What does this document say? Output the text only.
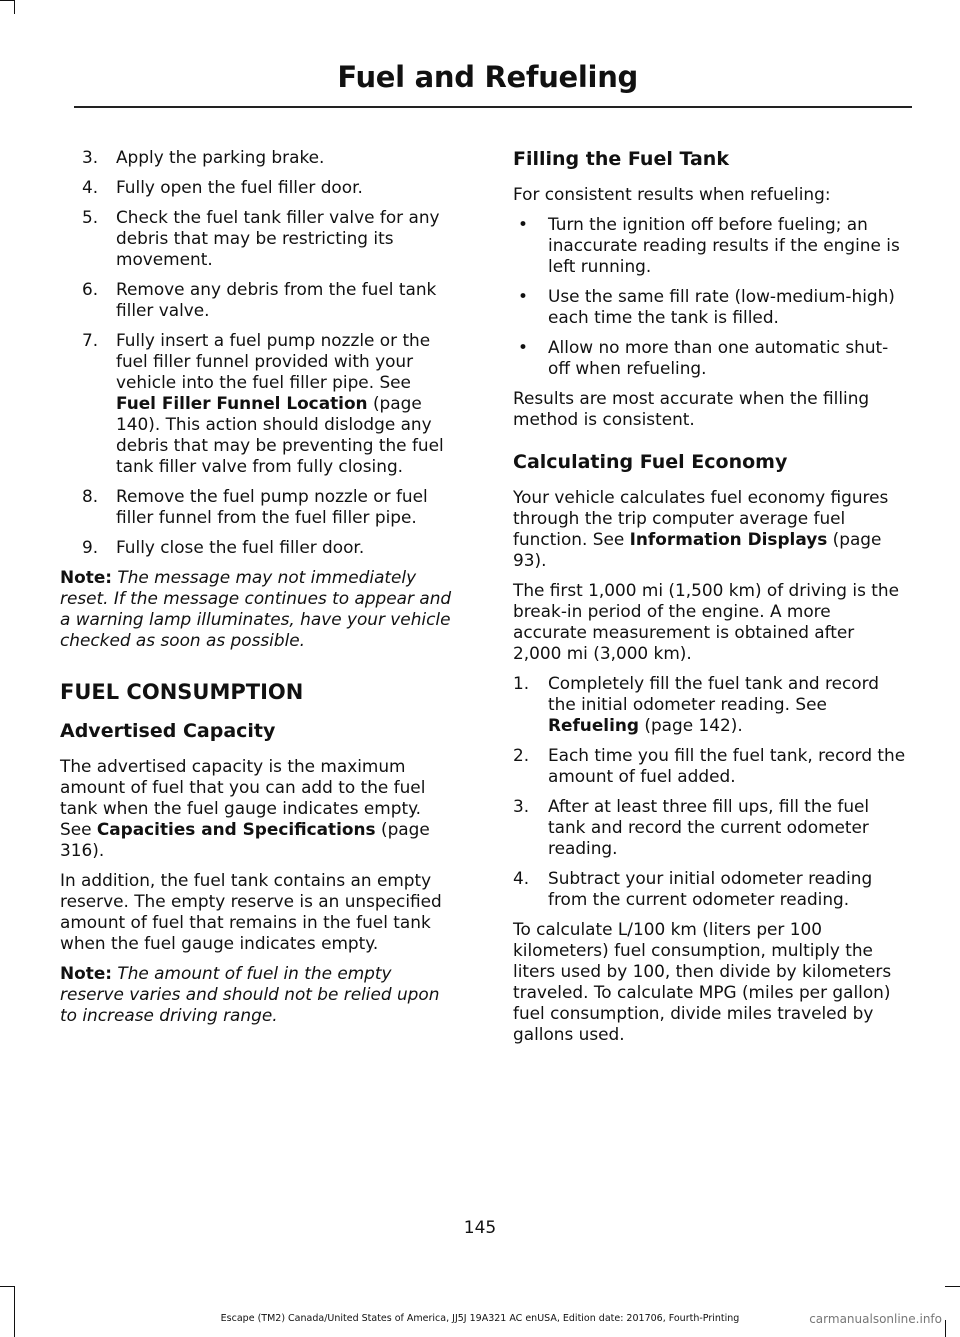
Fuel and Refueling
3. Apply the parking brake.
4. Fully open the fuel filler door.
5. Check the fuel tank filler valve for any debris that may be restricting its movement.
6. Remove any debris from the fuel tank filler valve.
7. Fully insert a fuel pump nozzle or the fuel filler funnel provided with your vehicle into the fuel filler pipe. See Fuel Filler Funnel Location (page 140). This action should dislodge any debris that may be preventing the fuel tank filler valve from fully closing.
8. Remove the fuel pump nozzle or fuel filler funnel from the fuel filler pipe.
9. Fully close the fuel filler door.

Note: The message may not immediately reset. If the message continues to appear and a warning lamp illuminates, have your vehicle checked as soon as possible.

FUEL CONSUMPTION
Advertised Capacity

The advertised capacity is the maximum amount of fuel that you can add to the fuel tank when the fuel gauge indicates empty. See Capacities and Specifications (page 316).

In addition, the fuel tank contains an empty reserve. The empty reserve is an unspecified amount of fuel that remains in the fuel tank when the fuel gauge indicates empty.

Note: The amount of fuel in the empty reserve varies and should not be relied upon to increase driving range.

Filling the Fuel Tank

For consistent results when refueling:

• Turn the ignition off before fueling; an inaccurate reading results if the engine is left running.
• Use the same fill rate (low-medium-high) each time the tank is filled.
• Allow no more than one automatic shut-off when refueling.

Results are most accurate when the filling method is consistent.

Calculating Fuel Economy

Your vehicle calculates fuel economy figures through the trip computer average fuel function. See Information Displays (page 93).

The first 1,000 mi (1,500 km) of driving is the break-in period of the engine. A more accurate measurement is obtained after 2,000 mi (3,000 km).

1. Completely fill the fuel tank and record the initial odometer reading. See Refueling (page 142).
2. Each time you fill the fuel tank, record the amount of fuel added.
3. After at least three fill ups, fill the fuel tank and record the current odometer reading.
4. Subtract your initial odometer reading from the current odometer reading.

To calculate L/100 km (liters per 100 kilometers) fuel consumption, multiply the liters used by 100, then divide by kilometers traveled. To calculate MPG (miles per gallon) fuel consumption, divide miles traveled by gallons used.

145
Escape (TM2) Canada/United States of America, JJ5J 19A321 AC enUSA, Edition date: 201706, Fourth-Printing	carmanualsonline.info
